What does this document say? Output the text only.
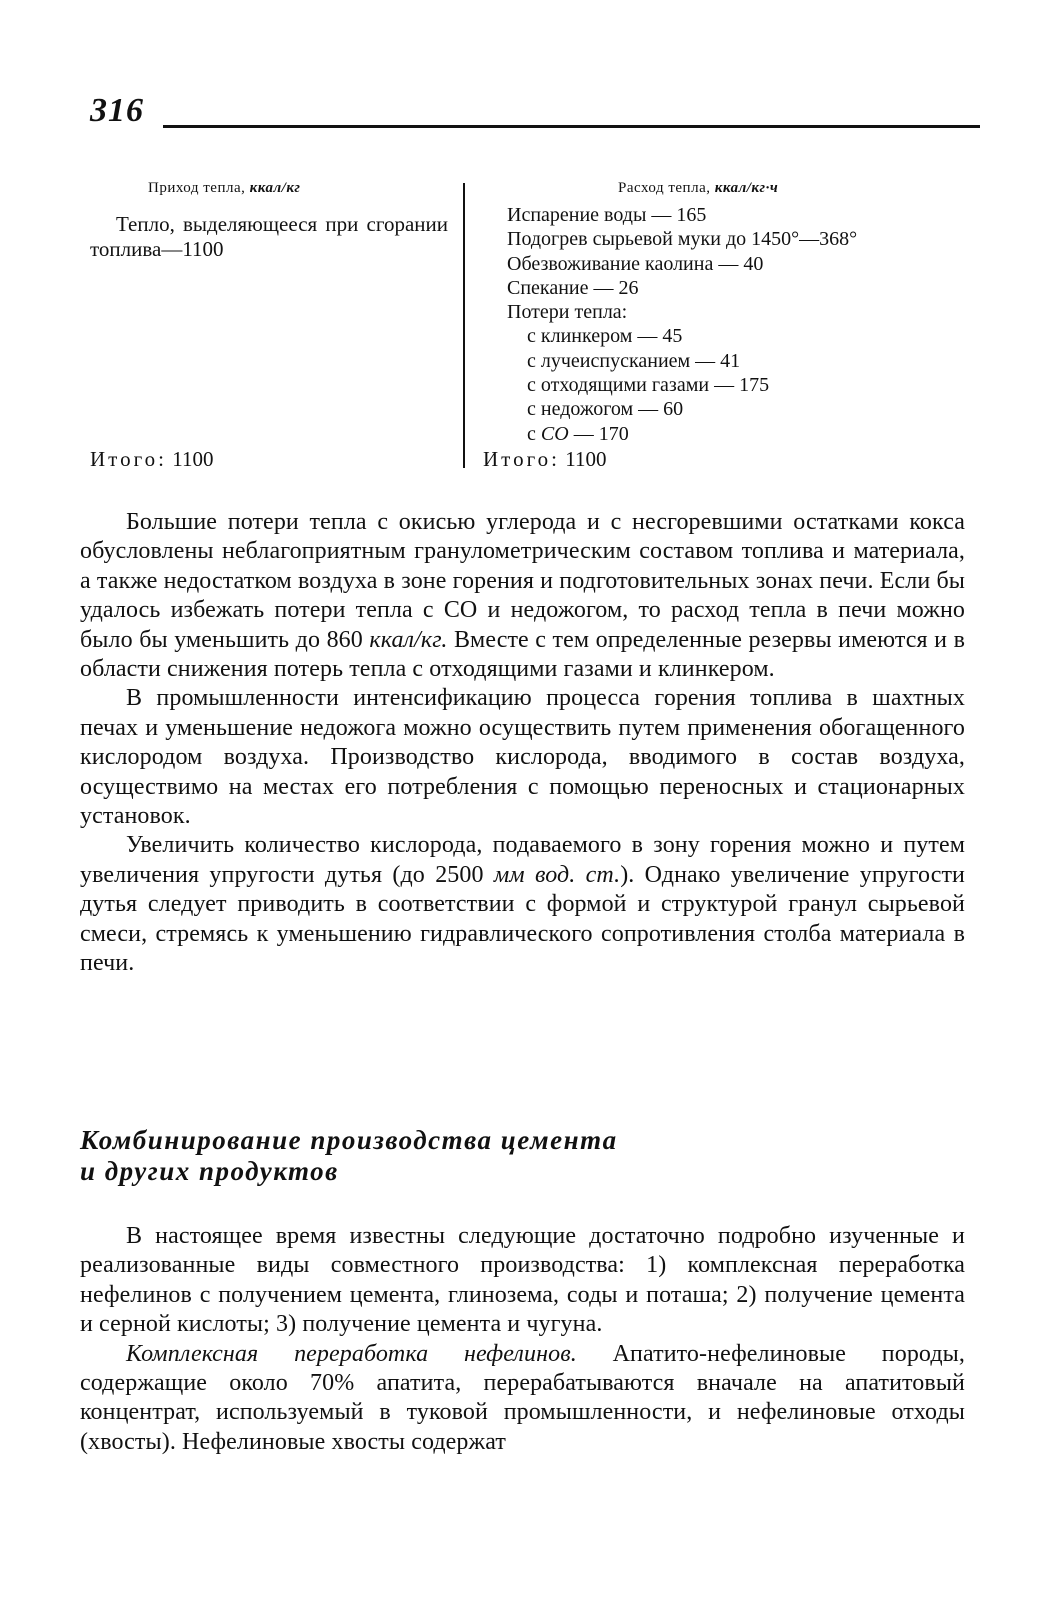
316
Приход тепла, ккал/кг	Расход тепла, ккал/кг·ч

Тепло, выделяющееся при сгорании топлива—1100

Испарение воды — 165
Подогрев сырьевой муки до 1450°—368°
Обезвоживание каолина — 40
Спекание — 26
Потери тепла:
с клинкером — 45
с лучеиспусканием — 41
с отходящими газами — 175
с недожогом — 60
с CO — 170
Итого: 1100	Итого: 1100

Большие потери тепла с окисью углерода и с несгоревшими остатками кокса обусловлены неблагоприятным гранулометрическим составом топлива и материала, а также недостатком воздуха в зоне горения и подготовительных зонах печи. Если бы удалось избежать потери тепла с CO и недожогом, то расход тепла в печи можно было бы уменьшить до 860 ккал/кг. Вместе с тем определенные резервы имеются и в области снижения потерь тепла с отходящими газами и клинкером.

В промышленности интенсификацию процесса горения топлива в шахтных печах и уменьшение недожога можно осуществить путем применения обогащенного кислородом воздуха. Производство кислорода, вводимого в состав воздуха, осуществимо на местах его потребления с помощью переносных и стационарных установок.

Увеличить количество кислорода, подаваемого в зону горения можно и путем увеличения упругости дутья (до 2500 мм вод. ст.). Однако увеличение упругости дутья следует приводить в соответствии с формой и структурой гранул сырьевой смеси, стремясь к уменьшению гидравлического сопротивления столба материала в печи.

Комбинирование производства цемента
и других продуктов

В настоящее время известны следующие достаточно подробно изученные и реализованные виды совместного производства: 1) комплексная переработка нефелинов с получением цемента, глинозема, соды и поташа; 2) получение цемента и серной кислоты; 3) получение цемента и чугуна.

Комплексная переработка нефелинов. Апатито-нефелиновые породы, содержащие около 70% апатита, перерабатываются вначале на апатитовый концентрат, используемый в туковой промышленности, и нефелиновые отходы (хвосты). Нефелиновые хвосты содержат
